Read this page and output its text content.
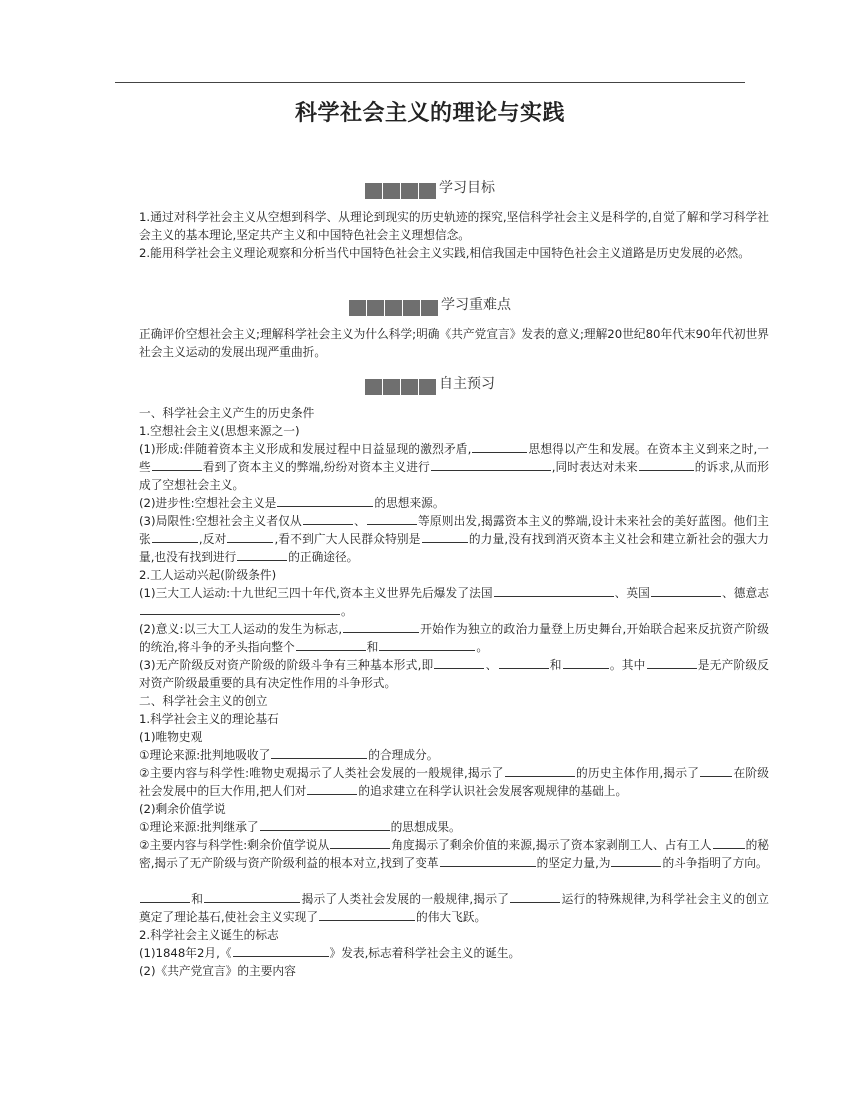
科学社会主义的理论与实践
学习目标

1.通过对科学社会主义从空想到科学、从理论到现实的历史轨迹的探究,坚信科学社会主义是科学的,自觉了解和学习科学社会主义的基本理论,坚定共产主义和中国特色社会主义理想信念。

2.能用科学社会主义理论观察和分析当代中国特色社会主义实践,相信我国走中国特色社会主义道路是历史发展的必然。

学习重难点

正确评价空想社会主义;理解科学社会主义为什么科学;明确《共产党宣言》发表的意义;理解20世纪80年代末90年代初世界社会主义运动的发展出现严重曲折。

自主预习
一、科学社会主义产生的历史条件
1.空想社会主义(思想来源之一)

(1)形成:伴随着资本主义形成和发展过程中日益显现的激烈矛盾,	思想得以产生和发展。在资本主义到来之时,一些	看到了资本主义的弊端,纷纷对资本主义进行	,同时表达对未来	的诉求,从而形成了空想社会主义。

(2)进步性:空想社会主义是	的思想来源。

(3)局限性:空想社会主义者仅从	、	等原则出发,揭露资本主义的弊端,设计未来社会的美好蓝图。他们主张	,反对	,看不到广大人民群众特别是	的力量,没有找到消灭资本主义社会和建立新社会的强大力量,也没有找到进行	的正确途径。

2.工人运动兴起(阶级条件)

(1)三大工人运动:十九世纪三四十年代,资本主义世界先后爆发了法国	、英国	、德意志。

(2)意义:以三大工人运动的发生为标志,	开始作为独立的政治力量登上历史舞台,开始联合起来反抗资产阶级的统治,将斗争的矛头指向整个	和	。

(3)无产阶级反对资产阶级的阶级斗争有三种基本形式,即	、	和	。其中	是无产阶级反对资产阶级最重要的具有决定性作用的斗争形式。

二、科学社会主义的创立
1.科学社会主义的理论基石
(1)唯物史观
①理论来源:批判地吸收了	的合理成分。

②主要内容与科学性:唯物史观揭示了人类社会发展的一般规律,揭示了	的历史主体作用,揭示了	在阶级社会发展中的巨大作用,把人们对	的追求建立在科学认识社会发展客观规律的基础上。

(2)剩余价值学说
①理论来源:批判继承了	的思想成果。

②主要内容与科学性:剩余价值学说从	角度揭示了剩余价值的来源,揭示了资本家剥削工人、占有工人	的秘密,揭示了无产阶级与资产阶级利益的根本对立,找到了变革	的坚定力量,为	的斗争指明了方向。

和	揭示了人类社会发展的一般规律,揭示了	运行的特殊规律,为科学社会主义的创立奠定了理论基石,使社会主义实现了	的伟大飞跃。

2.科学社会主义诞生的标志
(1)1848年2月,《	》发表,标志着科学社会主义的诞生。
(2)《共产党宣言》的主要内容
